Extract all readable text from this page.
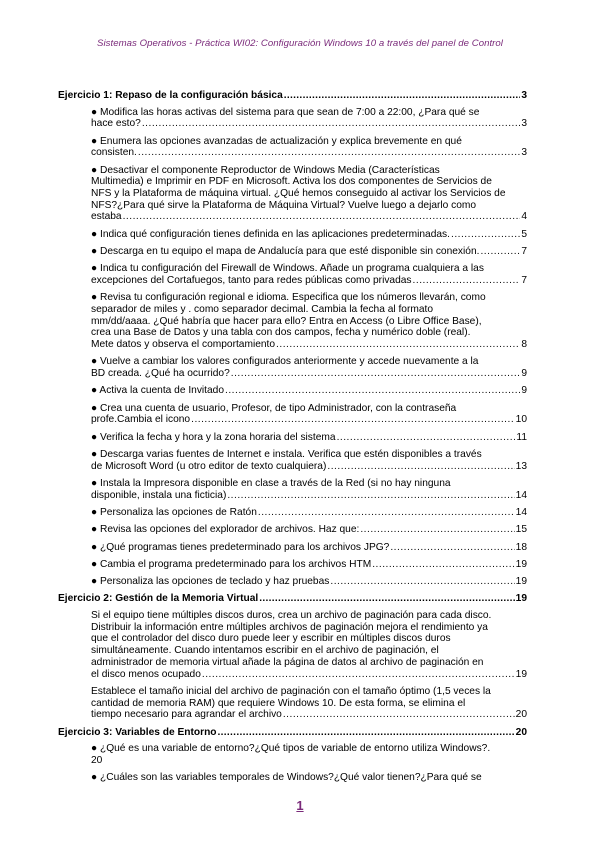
Sistemas Operativos - Práctica WI02: Configuración Windows 10 a través del panel de Control
Ejercicio 1: Repaso de la configuración básica .....	3
● Modifica las horas activas del sistema para que sean de 7:00 a 22:00, ¿Para qué se
hace esto? .....	3
● Enumera las opciones avanzadas de actualización y explica brevemente en qué
consisten. .....	3
● Desactivar el componente Reproductor de Windows Media (Características
Multimedia) e Imprimir en PDF en Microsoft. Activa los dos componentes de Servicios de
NFS y la Plataforma de máquina virtual. ¿Qué hemos conseguido al activar los Servicios de
NFS?¿Para qué sirve la Plataforma de Máquina Virtual? Vuelve luego a dejarlo como
estaba .....	4
● Indica qué configuración tienes definida en las aplicaciones predeterminadas. .....	5
● Descarga en tu equipo el mapa de Andalucía para que esté disponible sin conexión. .....	7
● Indica tu configuración del Firewall de Windows. Añade un programa cualquiera a las
excepciones del Cortafuegos, tanto para redes públicas como privadas .....	7
● Revisa tu configuración regional e idioma. Especifica que los números llevarán, como
separador de miles y . como separador decimal. Cambia la fecha al formato
mm/dd/aaaa. ¿Qué habría que hacer para ello? Entra en Access (o Libre Office Base),
crea una Base de Datos y una tabla con dos campos, fecha y numérico doble (real).
Mete datos y observa el comportamiento .....	8
● Vuelve a cambiar los valores configurados anteriormente y accede nuevamente a la
BD creada. ¿Qué ha ocurrido? .....	9
● Activa la cuenta de Invitado .....	9
● Crea una cuenta de usuario, Profesor, de tipo Administrador, con la contraseña
profe.Cambia el icono .....	10
● Verifica la fecha y hora y la zona horaria del sistema .....	11
● Descarga varias fuentes de Internet e instala. Verifica que estén disponibles a través
de Microsoft Word (u otro editor de texto cualquiera) .....	13
● Instala la Impresora disponible en clase a través de la Red (si no hay ninguna
disponible, instala una ficticia) .....	14
● Personaliza las opciones de Ratón .....	14
● Revisa las opciones del explorador de archivos. Haz que: .....	15
● ¿Qué programas tienes predeterminado para los archivos JPG? .....	18
● Cambia el programa predeterminado para los archivos HTM .....	19
● Personaliza las opciones de teclado y haz pruebas .....	19
Ejercicio 2: Gestión de la Memoria Virtual .....	19
Si el equipo tiene múltiples discos duros, crea un archivo de paginación para cada disco.
Distribuir la información entre múltiples archivos de paginación mejora el rendimiento ya
que el controlador del disco duro puede leer y escribir en múltiples discos duros
simultáneamente. Cuando intentamos escribir en el archivo de paginación, el
administrador de memoria virtual añade la página de datos al archivo de paginación en
el disco menos ocupado .....	19
Establece el tamaño inicial del archivo de paginación con el tamaño óptimo (1,5 veces la
cantidad de memoria RAM) que requiere Windows 10. De esta forma, se elimina el
tiempo necesario para agrandar el archivo .....	20
Ejercicio 3: Variables de Entorno .....	20
● ¿Qué es una variable de entorno?¿Qué tipos de variable de entorno utiliza Windows?.
20
● ¿Cuáles son las variables temporales de Windows?¿Qué valor tienen?¿Para qué se
1
